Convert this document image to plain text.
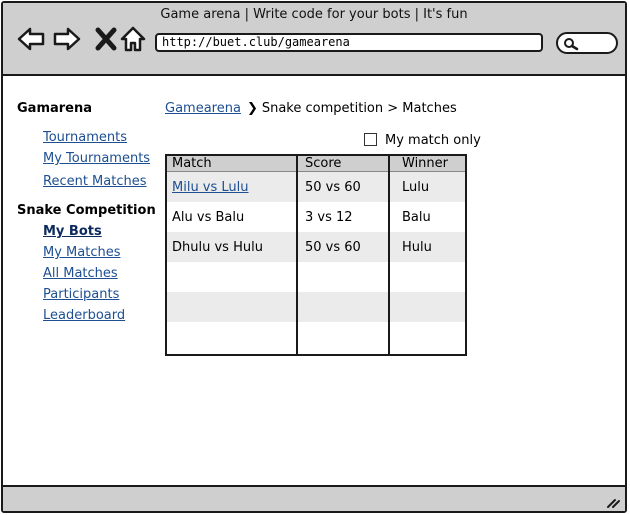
Game arena | Write code for your bots | It's fun
http://buet.club/gamearena
Gamarena
Tournaments
My Tournaments
Recent Matches
Snake Competition
My Bots
My Matches
All Matches
Participants
Leaderboard
Gamearena ❯ Snake competition > Matches
My match only
Match	Score	Winner
Milu vs Lulu	50 vs 60	Lulu
Alu vs Balu	3 vs 12	Balu
Dhulu vs Hulu	50 vs 60	Hulu
